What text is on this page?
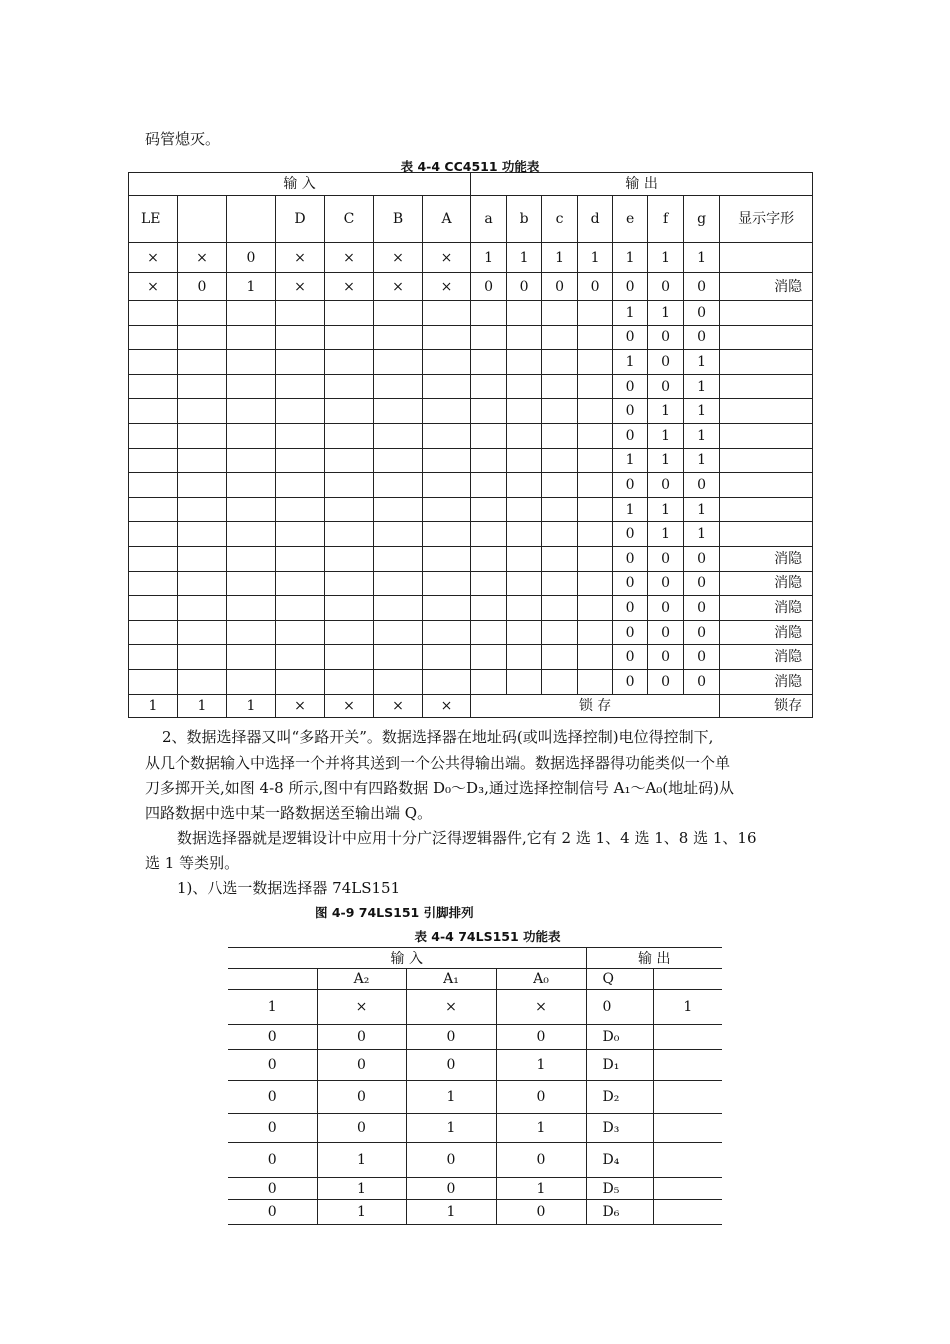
码管熄灭。
表 4-4 CC4511 功能表
输 入							输 出							
LE			D	C	B	A	a	b	c	d	e	f	g	显示字形
×	×	0	×	×	×	×	1	1	1	1	1	1	1	
×	0	1	×	×	×	×	0	0	0	0	0	0	0	消隐
											1	1	0	
											0	0	0	
											1	0	1	
											0	0	1	
											0	1	1	
											0	1	1	
											1	1	1	
											0	0	0	
											1	1	1	
											0	1	1	
											0	0	0	消隐
											0	0	0	消隐
											0	0	0	消隐
											0	0	0	消隐
											0	0	0	消隐
											0	0	0	消隐
1	1	1	×	×	×	×	锁 存							锁存
2、数据选择器又叫“多路开关”。数据选择器在地址码(或叫选择控制)电位得控制下,
从几个数据输入中选择一个并将其送到一个公共得输出端。数据选择器得功能类似一个单
刀多掷开关,如图 4-8 所示,图中有四路数据 D₀～D₃,通过选择控制信号 A₁～A₀(地址码)从
四路数据中选中某一路数据送至输出端 Q。
数据选择器就是逻辑设计中应用十分广泛得逻辑器件,它有 2 选 1、4 选 1、8 选 1、16
选 1 等类别。
1)、八选一数据选择器 74LS151
图 4-9 74LS151 引脚排列
表 4-4 74LS151 功能表
输 入				输 出	
	A₂	A₁	A₀	Q	
1	×	×	×	0	1
0	0	0	0	D₀	
0	0	0	1	D₁	
0	0	1	0	D₂	
0	0	1	1	D₃	
0	1	0	0	D₄	
0	1	0	1	D₅	
0	1	1	0	D₆	
